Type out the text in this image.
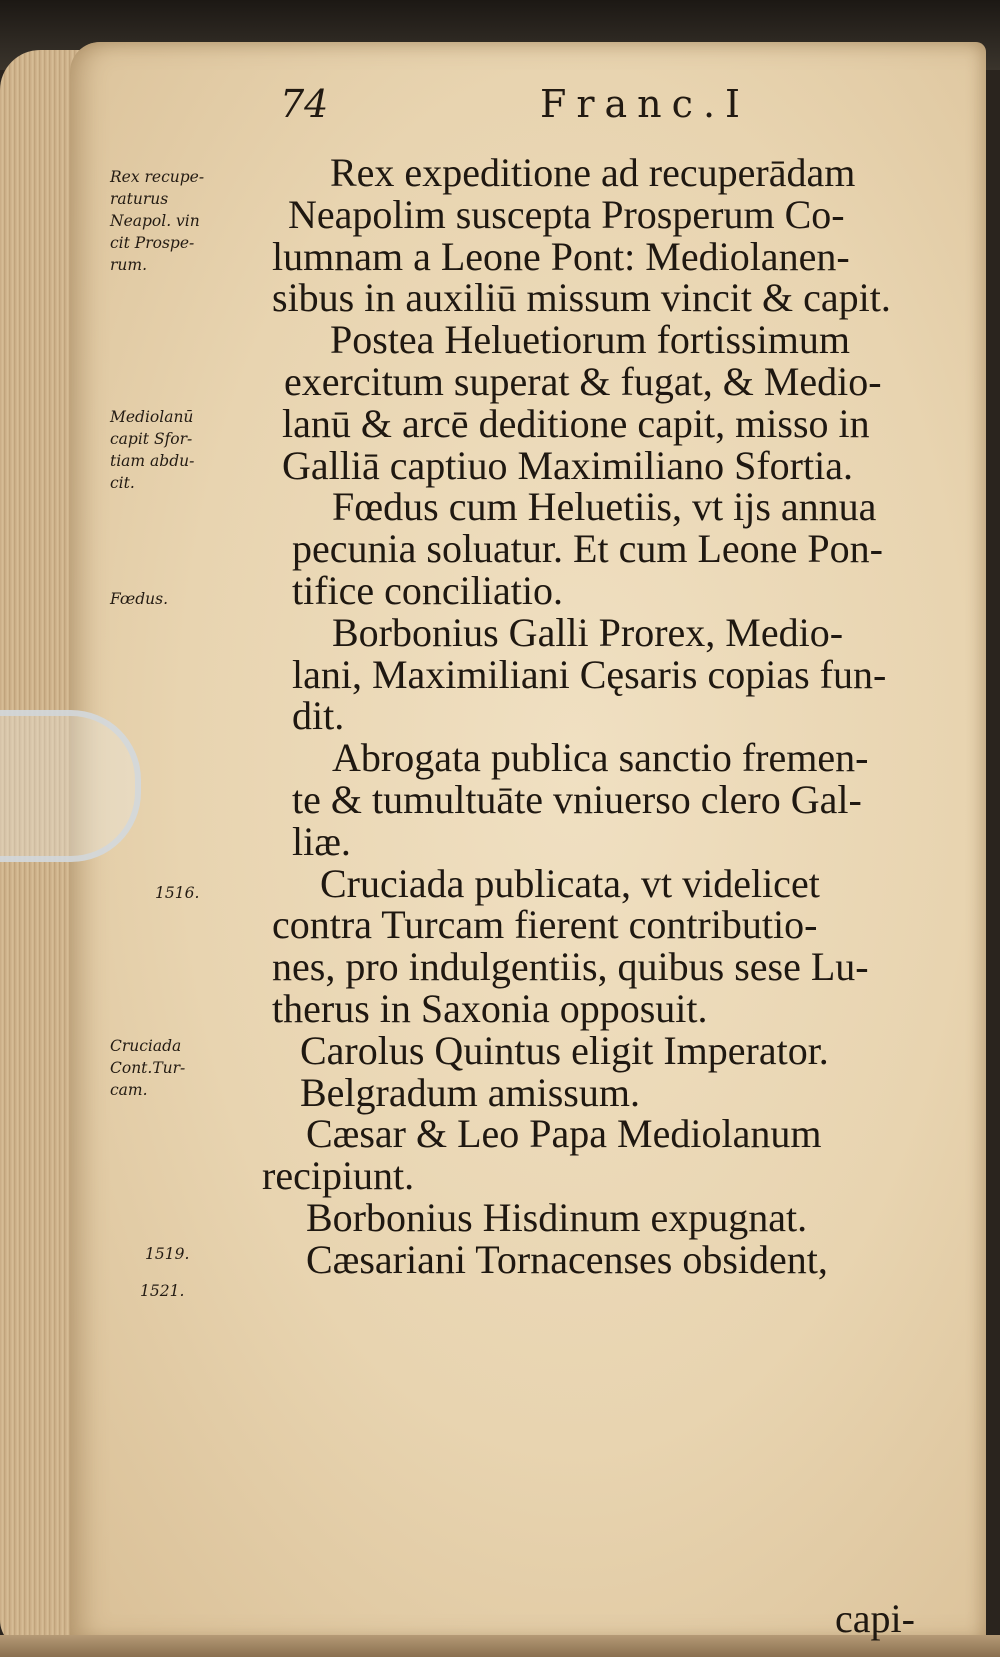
74	Franc.I
Rex recupe-
raturus
Neapol. vin
cit Prospe-
rum.
Mediolanū
capit Sfor-
tiam abdu-
cit.
Fœdus.
1516.
Cruciada
Cont.Tur-
cam.
1519.
1521.
Rex expeditione ad recuperādam
Neapolim suscepta Prosperum Co-
lumnam a Leone Pont: Mediolanen-
sibus in auxiliū missum vincit & capit.
Postea Heluetiorum fortissimum
exercitum superat & fugat, & Medio-
lanū & arcē deditione capit, misso in
Galliā captiuo Maximiliano Sfortia.
Fœdus cum Heluetiis, vt ijs annua
pecunia soluatur. Et cum Leone Pon-
tifice conciliatio.
Borbonius Galli Prorex, Medio-
lani, Maximiliani Cęsaris copias fun-
dit.
Abrogata publica sanctio fremen-
te & tumultuāte vniuerso clero Gal-
liæ.
Cruciada publicata, vt videlicet
contra Turcam fierent contributio-
nes, pro indulgentiis, quibus sese Lu-
therus in Saxonia opposuit.
Carolus Quintus eligit Imperator.
Belgradum amissum.
Cæsar & Leo Papa Mediolanum
recipiunt.
Borbonius Hisdinum expugnat.
Cæsariani Tornacenses obsident,
capi-
